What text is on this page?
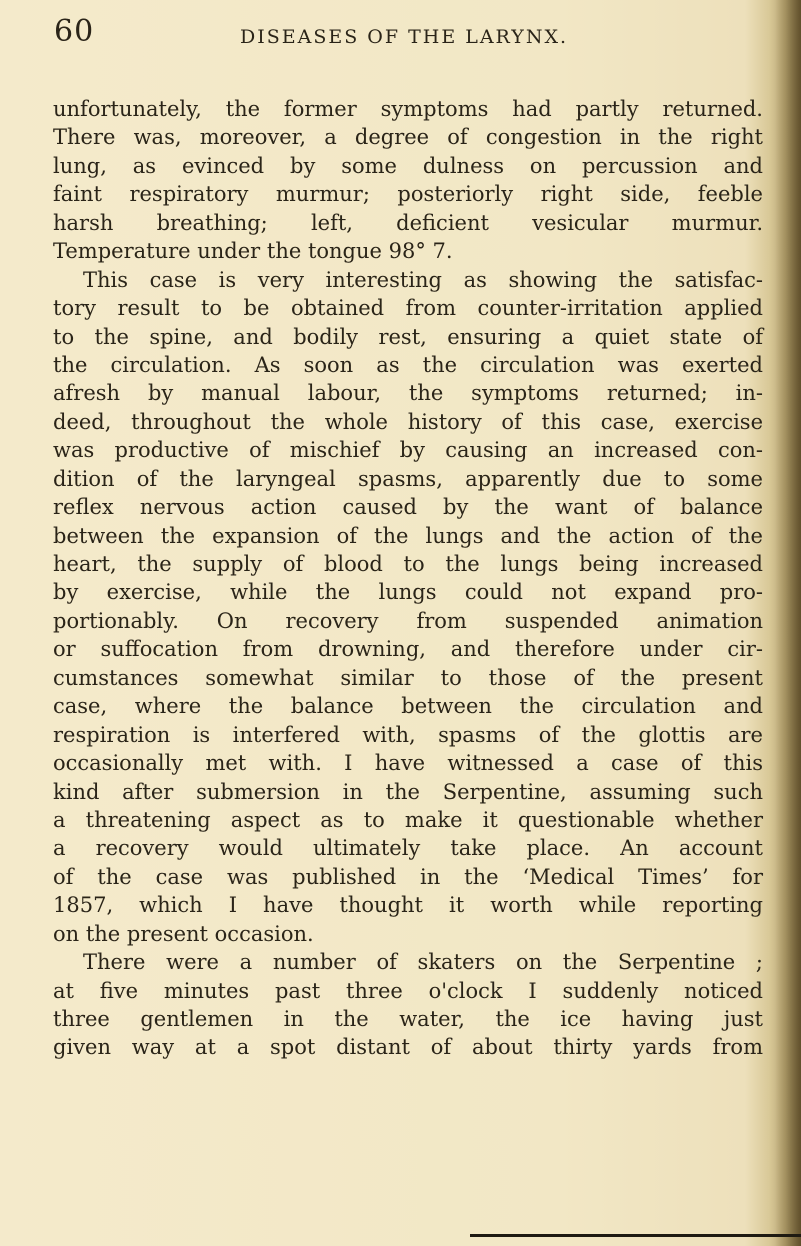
60	DISEASES OF THE LARYNX.
unfortunately, the former symptoms had partly returned.
There was, moreover, a degree of congestion in the right
lung, as evinced by some dulness on percussion and
faint respiratory murmur; posteriorly right side, feeble
harsh breathing; left, deficient vesicular murmur.
Temperature under the tongue 98° 7.
This case is very interesting as showing the satisfac-
tory result to be obtained from counter-irritation applied
to the spine, and bodily rest, ensuring a quiet state of
the circulation. As soon as the circulation was exerted
afresh by manual labour, the symptoms returned; in-
deed, throughout the whole history of this case, exercise
was productive of mischief by causing an increased con-
dition of the laryngeal spasms, apparently due to some
reflex nervous action caused by the want of balance
between the expansion of the lungs and the action of the
heart, the supply of blood to the lungs being increased
by exercise, while the lungs could not expand pro-
portionably. On recovery from suspended animation
or suffocation from drowning, and therefore under cir-
cumstances somewhat similar to those of the present
case, where the balance between the circulation and
respiration is interfered with, spasms of the glottis are
occasionally met with. I have witnessed a case of this
kind after submersion in the Serpentine, assuming such
a threatening aspect as to make it questionable whether
a recovery would ultimately take place. An account
of the case was published in the ‘Medical Times’ for
1857, which I have thought it worth while reporting
on the present occasion.
There were a number of skaters on the Serpentine ;
at five minutes past three o'clock I suddenly noticed
three gentlemen in the water, the ice having just
given way at a spot distant of about thirty yards from
